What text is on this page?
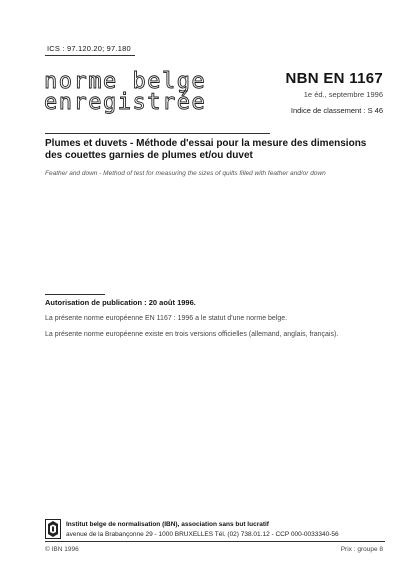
ICS : 97.120.20; 97.180
norme belge
enregistrée
NBN EN 1167
1e éd., septembre 1996
Indice de classement : S 46
Plumes et duvets - Méthode d'essai pour la mesure des dimensions des couettes garnies de plumes et/ou duvet
Feather and down - Method of test for measuring the sizes of quilts filled with feather and/or down
Autorisation de publication : 20 août 1996.
La présente norme européenne EN 1167 : 1996 a le statut d'une norme belge.
La présente norme européenne existe en trois versions officielles (allemand, anglais, français).
Institut belge de normalisation (IBN), association sans but lucratif
avenue de la Brabançonne 29 - 1000 BRUXELLES Tél. (02) 738.01.12 - CCP 000-0033340-56
© IBN 1996	Prix : groupe 8
